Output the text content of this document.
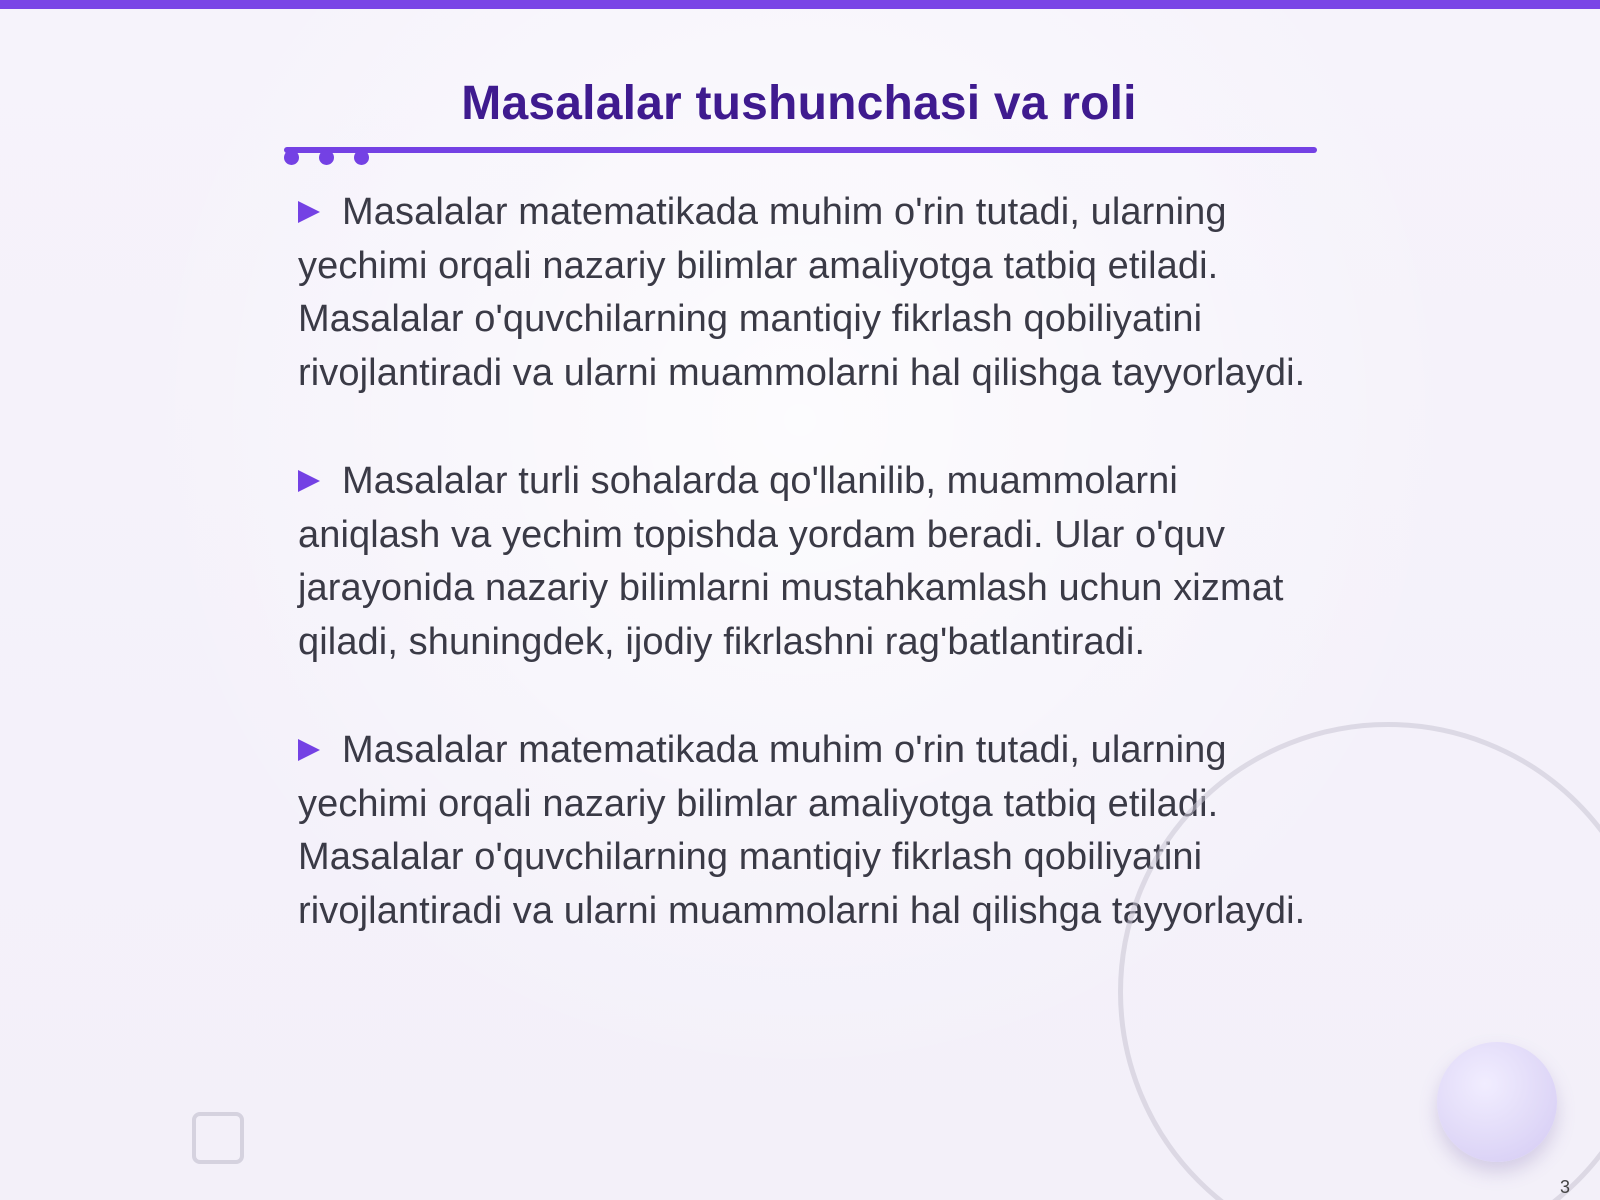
Masalalar tushunchasi va roli

Masalalar matematikada muhim o'rin tutadi, ularning yechimi orqali nazariy bilimlar amaliyotga tatbiq etiladi. Masalalar o'quvchilarning mantiqiy fikrlash qobiliyatini rivojlantiradi va ularni muammolarni hal qilishga tayyorlaydi.

Masalalar turli sohalarda qo'llanilib, muammolarni aniqlash va yechim topishda yordam beradi. Ular o'quv jarayonida nazariy bilimlarni mustahkamlash uchun xizmat qiladi, shuningdek, ijodiy fikrlashni rag'batlantiradi.

Masalalar matematikada muhim o'rin tutadi, ularning yechimi orqali nazariy bilimlar amaliyotga tatbiq etiladi. Masalalar o'quvchilarning mantiqiy fikrlash qobiliyatini rivojlantiradi va ularni muammolarni hal qilishga tayyorlaydi.

3
